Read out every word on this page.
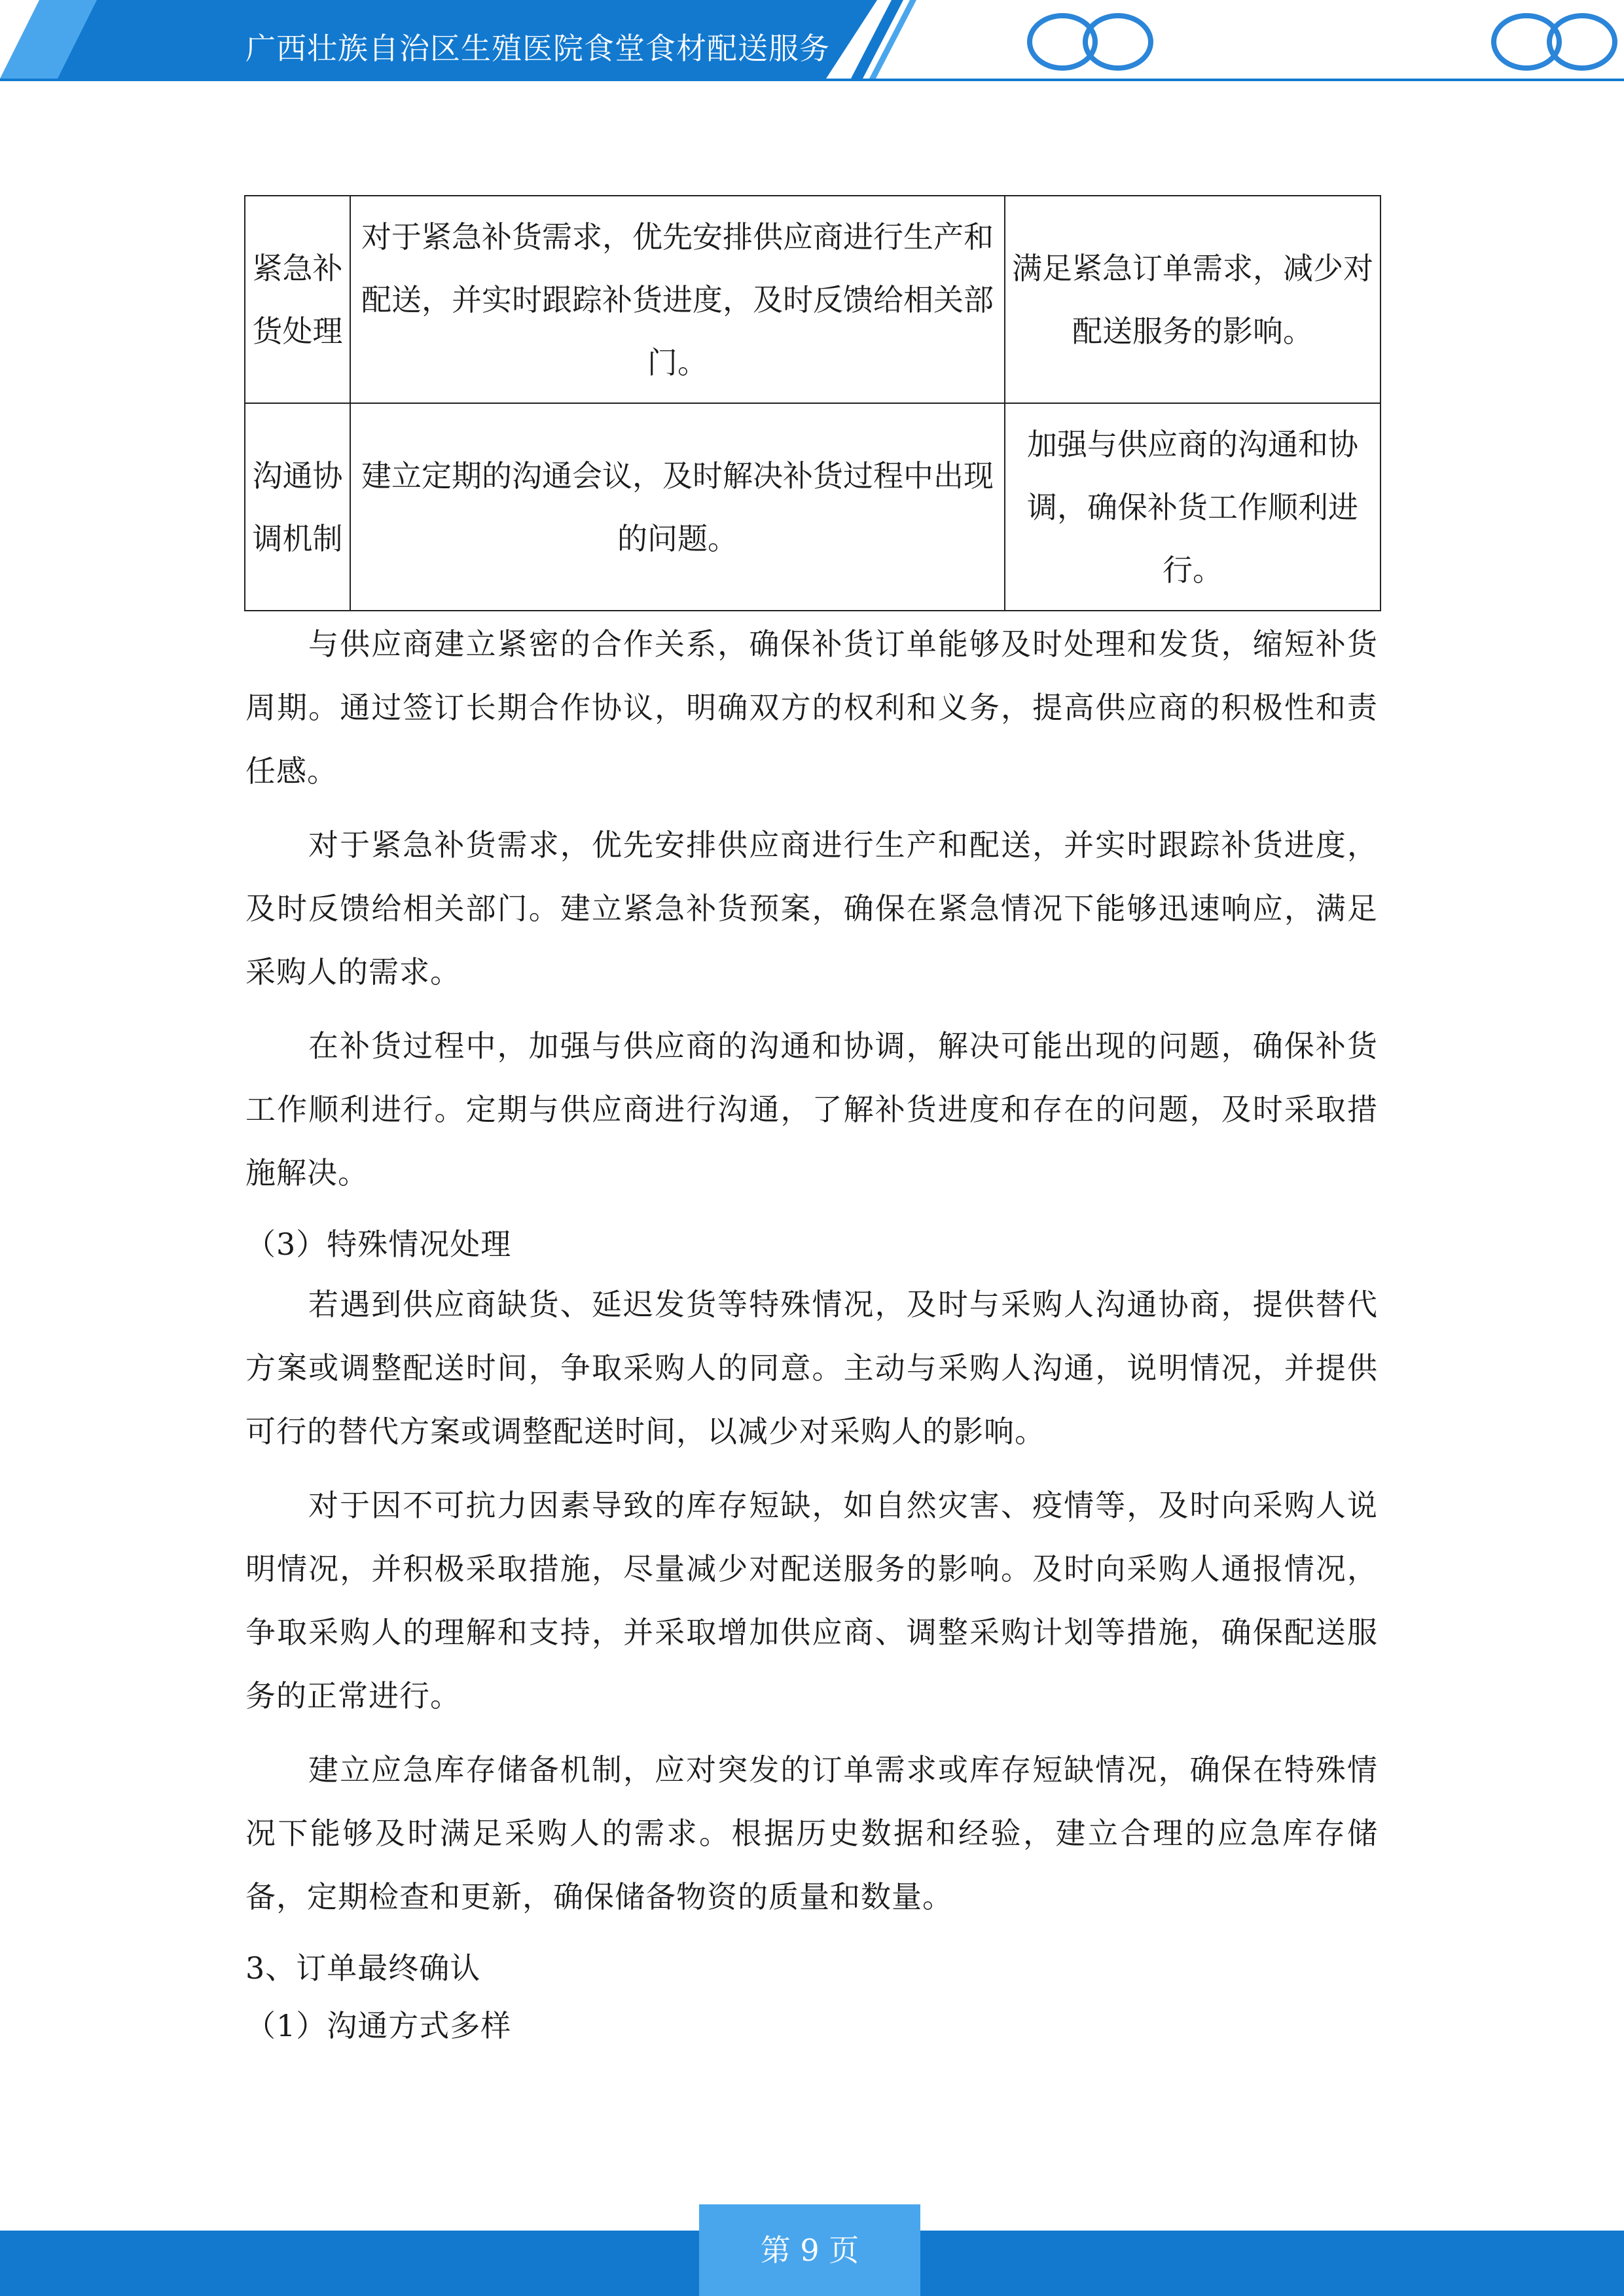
广西壮族自治区生殖医院食堂食材配送服务
紧急补货处理	对于紧急补货需求，优先安排供应商进行生产和配送，并实时跟踪补货进度，及时反馈给相关部门。	满足紧急订单需求，减少对配送服务的影响。
沟通协调机制	建立定期的沟通会议，及时解决补货过程中出现的问题。	加强与供应商的沟通和协调，确保补货工作顺利进行。

与供应商建立紧密的合作关系，确保补货订单能够及时处理和发货，缩短补货周期。通过签订长期合作协议，明确双方的权利和义务，提高供应商的积极性和责任感。

对于紧急补货需求，优先安排供应商进行生产和配送，并实时跟踪补货进度，及时反馈给相关部门。建立紧急补货预案，确保在紧急情况下能够迅速响应，满足采购人的需求。

在补货过程中，加强与供应商的沟通和协调，解决可能出现的问题，确保补货工作顺利进行。定期与供应商进行沟通，了解补货进度和存在的问题，及时采取措施解决。

（3）特殊情况处理

若遇到供应商缺货、延迟发货等特殊情况，及时与采购人沟通协商，提供替代方案或调整配送时间，争取采购人的同意。主动与采购人沟通，说明情况，并提供可行的替代方案或调整配送时间，以减少对采购人的影响。

对于因不可抗力因素导致的库存短缺，如自然灾害、疫情等，及时向采购人说明情况，并积极采取措施，尽量减少对配送服务的影响。及时向采购人通报情况，争取采购人的理解和支持，并采取增加供应商、调整采购计划等措施，确保配送服务的正常进行。

建立应急库存储备机制，应对突发的订单需求或库存短缺情况，确保在特殊情况下能够及时满足采购人的需求。根据历史数据和经验，建立合理的应急库存储备，定期检查和更新，确保储备物资的质量和数量。

3、订单最终确认

（1）沟通方式多样

第 9 页
